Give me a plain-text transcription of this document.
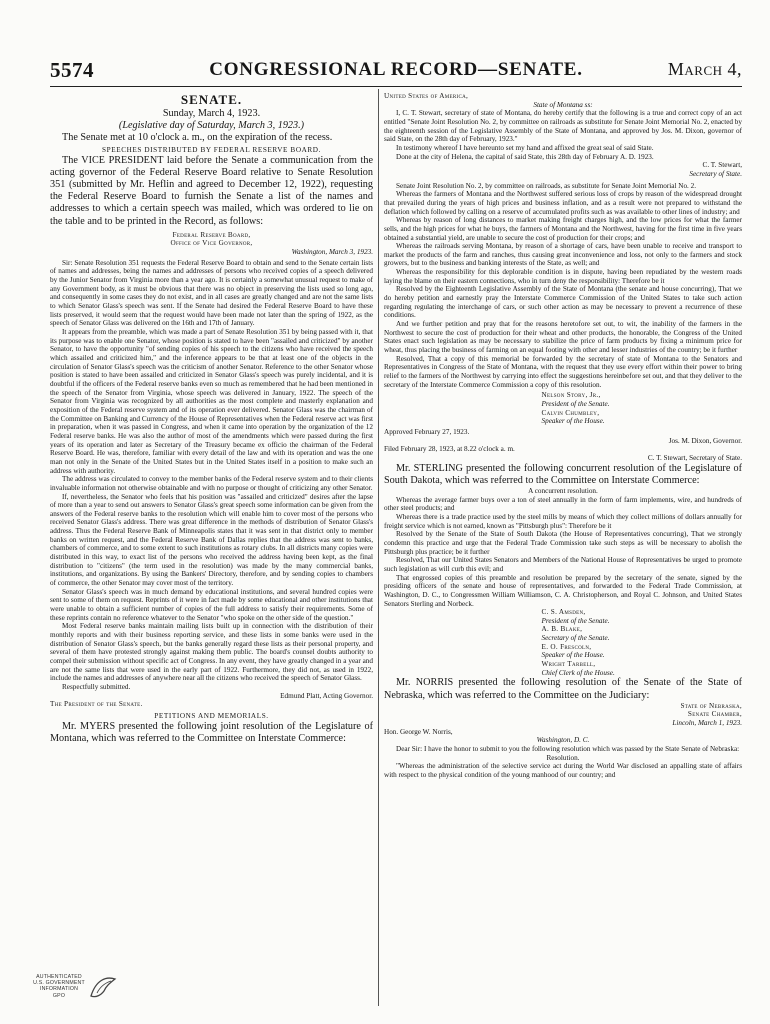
5574	CONGRESSIONAL RECORD—SENATE.	March 4,

SENATE.

Sunday, March 4, 1923.

(Legislative day of Saturday, March 3, 1923.)

The Senate met at 10 o'clock a. m., on the expiration of the recess.

SPEECHES DISTRIBUTED BY FEDERAL RESERVE BOARD.

The VICE PRESIDENT laid before the Senate a communication from the acting governor of the Federal Reserve Board relative to Senate Resolution 351 (submitted by Mr. Heflin and agreed to December 12, 1922), requesting the Federal Reserve Board to furnish the Senate a list of the names and addresses to which a certain speech was mailed, which was ordered to lie on the table and to be printed in the Record, as follows:

Federal Reserve Board,

Office of Vice Governor,

Washington, March 3, 1923.

Sir: Senate Resolution 351 requests the Federal Reserve Board to obtain and send to the Senate certain lists of names and addresses, being the names and addresses of persons who received copies of a speech delivered by the Junior Senator from Virginia more than a year ago. It is certainly a somewhat unusual request to make of any Government body, as it must be obvious that there was no object in preserving the lists used so long ago, and consequently in some cases they do not exist, and in all cases are greatly changed and are not the same lists to which Senator Glass's speech was sent. If the Senate had desired the Federal Reserve Board to have these lists preserved, it would seem that the request would have been made not later than the spring of 1922, as the speech of Senator Glass was delivered on the 16th and 17th of January.

It appears from the preamble, which was made a part of Senate Resolution 351 by being passed with it, that its purpose was to enable one Senator, whose position is stated to have been "assailed and criticized" by another Senator, to have the opportunity "of sending copies of his speech to the citizens who have received the speech which assailed and criticized him," and the inference appears to be that at least one of the objects in the circulation of Senator Glass's speech was the criticism of another Senator. Reference to the other Senator whose position is stated to have been assailed and criticized in Senator Glass's speech was purely incidental, and it is doubtful if the officers of the Federal reserve banks even so much as remembered that he had been mentioned in the speech of the Senator from Virginia, whose speech was delivered in January, 1922. The speech of the Senator from Virginia was recognized by all authorities as the most complete and masterly explanation and exposition of the Federal reserve system and of its operation ever delivered. Senator Glass was the chairman of the Committee on Banking and Currency of the House of Representatives when the Federal reserve act was first in preparation, when it was passed in Congress, and when it came into operation by the organization of the 12 Federal reserve banks. He was also the author of most of the amendments which were passed during the first years of its operation and later as Secretary of the Treasury became ex officio the chairman of the Federal Reserve Board. He was, therefore, familiar with every detail of the law and with its operation and was the one man not only in the Senate of the United States but in the United States itself in a position to make such an address with authority.

The address was circulated to convey to the member banks of the Federal reserve system and to their clients invaluable information not otherwise obtainable and with no purpose or thought of criticizing any other Senator.

If, nevertheless, the Senator who feels that his position was "assailed and criticized" desires after the lapse of more than a year to send out answers to Senator Glass's great speech some information can be given from the answers of the Federal reserve banks to the resolution which will enable him to cover most of the persons who received Senator Glass's address. There was great difference in the methods of distribution of Senator Glass's address. Thus the Federal Reserve Bank of Minneapolis states that it was sent in that district only to member banks on written request, and the Federal Reserve Bank of Dallas replies that the address was sent to banks, chambers of commerce, and to some extent to such institutions as rotary clubs. In all districts many copies were distributed in this way, to exact list of the persons who received the address having been kept, as the final distribution to "citizens" (the term used in the resolution) was made by the many commercial banks, institutions, and organizations. By using the Bankers' Directory, therefore, and by sending copies to chambers of commerce, the other Senator may cover most of the territory.

Senator Glass's speech was in much demand by educational institutions, and several hundred copies were sent to some of them on request. Reprints of it were in fact made by some educational and other institutions that were unable to obtain a sufficient number of copies of the full address to satisfy their requirements. Some of these reprints contain no reference whatever to the Senator "who spoke on the other side of the question."

Most Federal reserve banks maintain mailing lists built up in connection with the distribution of their monthly reports and with their business reporting service, and these lists in some banks were used in the distribution of Senator Glass's speech, but the banks generally regard these lists as their personal property, and several of them have protested strongly against making them public. The board's counsel doubts authority to compel their submission without specific act of Congress. In any event, they have greatly changed in a year and are not the same lists that were used in the early part of 1922. Furthermore, they did not, as used in 1922, include the names and addresses of anywhere near all the citizens who received the speech of Senator Glass.

Respectfully submitted.

Edmund Platt, Acting Governor.

The President of the Senate.

PETITIONS AND MEMORIALS.

Mr. MYERS presented the following joint resolution of the Legislature of Montana, which was referred to the Committee on Interstate Commerce:

United States of America,

State of Montana ss:

I, C. T. Stewart, secretary of state of Montana, do hereby certify that the following is a true and correct copy of an act entitled "Senate Joint Resolution No. 2, by committee on railroads as substitute for Senate Joint Memorial No. 2, enacted by the eighteenth session of the Legislative Assembly of the State of Montana, and approved by Jos. M. Dixon, governor of said State, on the 28th day of February, 1923."

In testimony whereof I have hereunto set my hand and affixed the great seal of said State.

Done at the city of Helena, the capital of said State, this 28th day of February A. D. 1923.

C. T. Stewart,

Secretary of State.

Senate Joint Resolution No. 2, by committee on railroads, as substitute for Senate Joint Memorial No. 2.

Whereas the farmers of Montana and the Northwest suffered serious loss of crops by reason of the widespread drought that prevailed during the years of high prices and business inflation, and as a result were not prepared to withstand the deflation which followed by calling on a reserve of accumulated profits such as was available to other lines of industry; and

Whereas by reason of long distances to market making freight charges high, and the low prices for what the farmer sells, and the high prices for what he buys, the farmers of Montana and the Northwest, having for the first time in five years obtained a substantial yield, are unable to secure the cost of production for their crops; and

Whereas the railroads serving Montana, by reason of a shortage of cars, have been unable to receive and transport to market the products of the farm and ranches, thus causing great inconvenience and loss, not only to the farmers and stock growers, but to the business and banking interests of the State, as well; and

Whereas the responsibility for this deplorable condition is in dispute, having been repudiated by the western roads laying the blame on their eastern connections, who in turn deny the responsibility: Therefore be it

Resolved by the Eighteenth Legislative Assembly of the State of Montana (the senate and house concurring), That we do hereby petition and earnestly pray the Interstate Commerce Commission of the United States to take such action regarding regulating the interchange of cars, or such other action as may be necessary to prevent a recurrence of these conditions.

And we further petition and pray that for the reasons heretofore set out, to wit, the inability of the farmers in the Northwest to secure the cost of production for their wheat and other products, the honorable, the Congress of the United States enact such legislation as may be necessary to stabilize the price of farm products by fixing a minimum price for wheat, thus placing the business of farming on an equal footing with other and lesser industries of the country; be it further

Resolved, That a copy of this memorial be forwarded by the secretary of state of Montana to the Senators and Representatives in Congress of the State of Montana, with the request that they use every effort within their power to bring relief to the farmers of the Northwest by carrying into effect the suggestions hereinbefore set out, and that they deliver to the secretary of the Interstate Commerce Commission a copy of this resolution.

Nelson Story, Jr.,

President of the Senate.

Calvin Chumbley,

Speaker of the House.

Approved February 27, 1923.

Jos. M. Dixon, Governor.

Filed February 28, 1923, at 8.22 o'clock a. m.

C. T. Stewart, Secretary of State.

Mr. STERLING presented the following concurrent resolution of the Legislature of South Dakota, which was referred to the Committee on Interstate Commerce:

A concurrent resolution.

Whereas the average farmer buys over a ton of steel annually in the form of farm implements, wire, and hundreds of other steel products; and

Whereas there is a trade practice used by the steel mills by means of which they collect millions of dollars annually for freight service which is not earned, known as "Pittsburgh plus": Therefore be it

Resolved by the Senate of the State of South Dakota (the House of Representatives concurring), That we strongly condemn this practice and urge that the Federal Trade Commission take such steps as will be necessary to abolish the Pittsburgh plus practice; be it further

Resolved, That our United States Senators and Members of the National House of Representatives be urged to promote such legislation as will curb this evil; and

That engrossed copies of this preamble and resolution be prepared by the secretary of the senate, signed by the presiding officers of the senate and house of representatives, and forwarded to the Federal Trade Commission, at Washington, D. C., to Congressmen William Williamson, C. A. Christopherson, and Royal C. Johnson, and United States Senators Sterling and Norbeck.

C. S. Amsden,

President of the Senate.

A. B. Blake,

Secretary of the Senate.

E. O. Frescoln,

Speaker of the House.

Wright Tarbell,

Chief Clerk of the House.

Mr. NORRIS presented the following resolution of the Senate of the State of Nebraska, which was referred to the Committee on the Judiciary:

State of Nebraska,

Senate Chamber,

Lincoln, March 1, 1923.

Hon. George W. Norris,

Washington, D. C.

Dear Sir: I have the honor to submit to you the following resolution which was passed by the State Senate of Nebraska:

Resolution.

"Whereas the administration of the selective service act during the World War disclosed an appalling state of affairs with respect to the physical condition of the young manhood of our country; and

AUTHENTICATED
U.S. GOVERNMENT
INFORMATION
GPO
